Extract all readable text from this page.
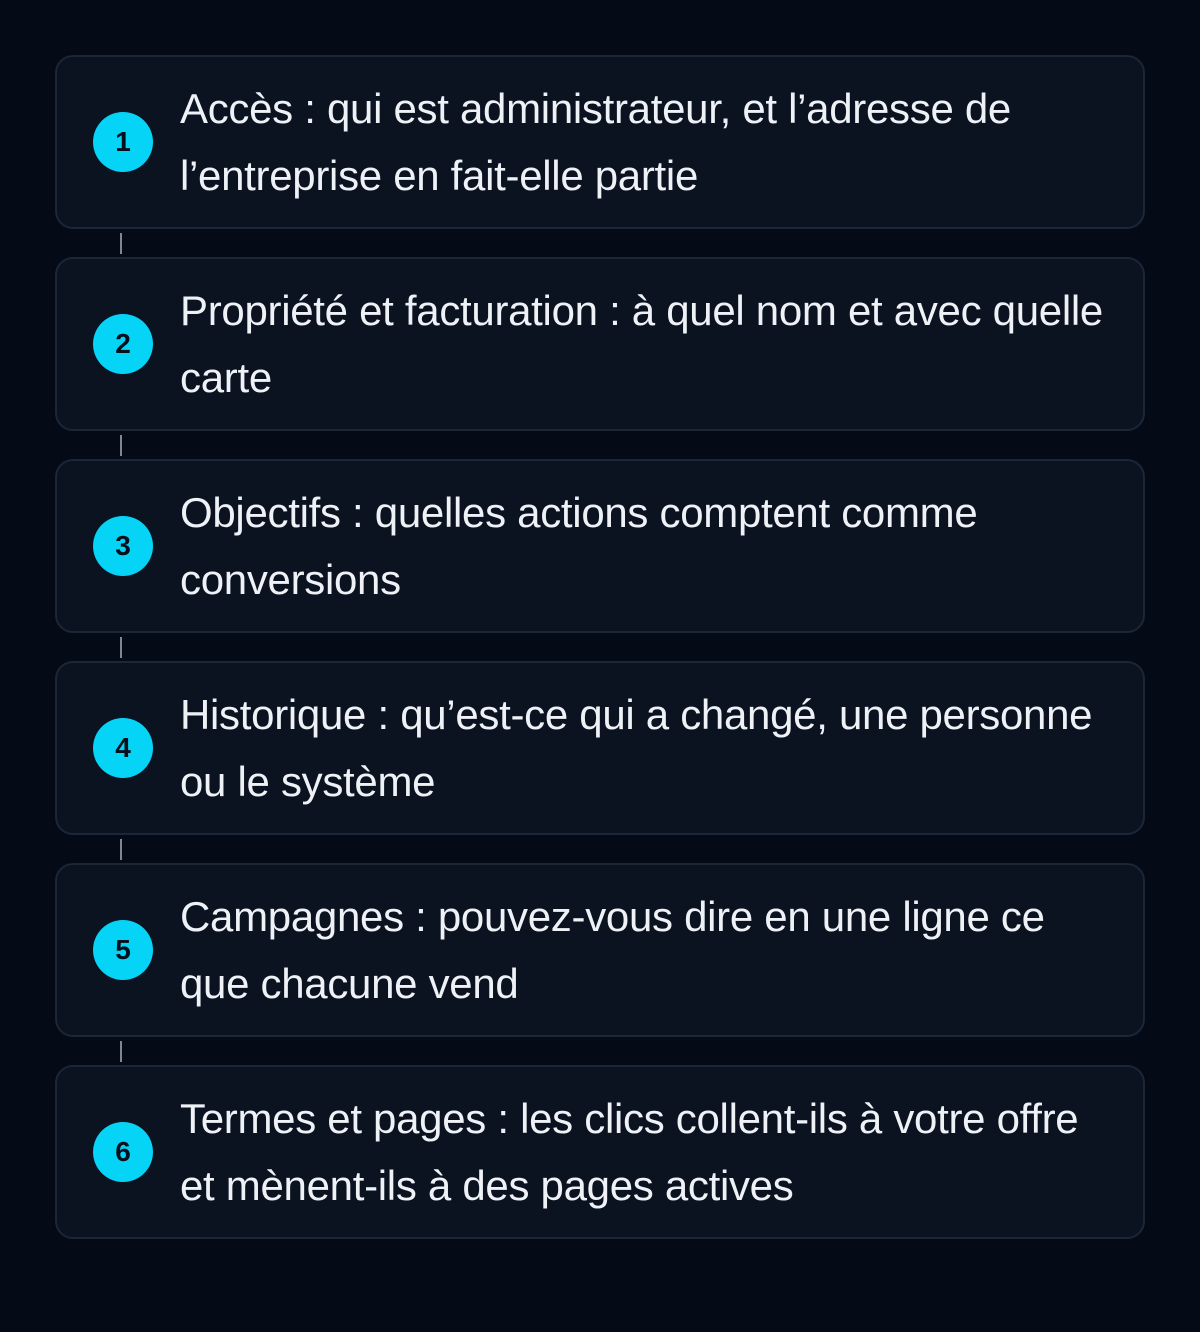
1
Accès : qui est administrateur, et l’adresse de l’entreprise en fait-elle partie
2
Propriété et facturation : à quel nom et avec quelle carte
3
Objectifs : quelles actions comptent comme conversions
4
Historique : qu’est-ce qui a changé, une personne ou le système
5
Campagnes : pouvez-vous dire en une ligne ce que chacune vend
6
Termes et pages : les clics collent-ils à votre offre et mènent-ils à des pages actives
